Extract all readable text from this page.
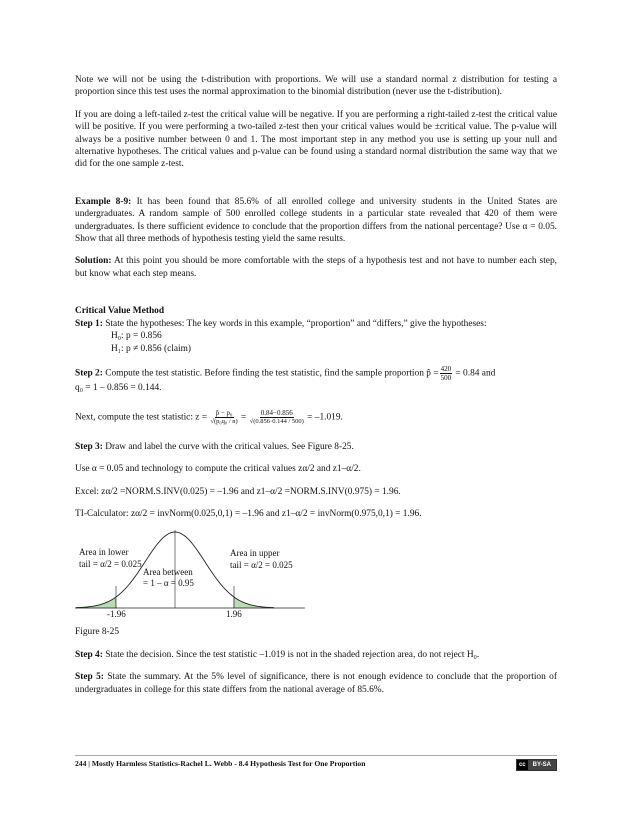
Note we will not be using the t-distribution with proportions. We will use a standard normal z distribution for testing a proportion since this test uses the normal approximation to the binomial distribution (never use the t-distribution).

If you are doing a left-tailed z-test the critical value will be negative. If you are performing a right-tailed z-test the critical value will be positive. If you were performing a two-tailed z-test then your critical values would be ±critical value. The p-value will always be a positive number between 0 and 1. The most important step in any method you use is setting up your null and alternative hypotheses. The critical values and p-value can be found using a standard normal distribution the same way that we did for the one sample z-test.

Example 8-9: It has been found that 85.6% of all enrolled college and university students in the United States are undergraduates. A random sample of 500 enrolled college students in a particular state revealed that 420 of them were undergraduates. Is there sufficient evidence to conclude that the proportion differs from the national percentage? Use α = 0.05. Show that all three methods of hypothesis testing yield the same results.

Solution: At this point you should be more comfortable with the steps of a hypothesis test and not have to number each step, but know what each step means.

Critical Value Method

Step 1: State the hypotheses: The key words in this example, “proportion” and “differs,” give the hypotheses:

H₀: p = 0.856
H₁: p ≠ 0.856 (claim)

Step 2: Compute the test statistic. Before finding the test statistic, find the sample proportion p̂ = $\frac{420}{500} = 0.84$ and

q₀ = 1 – 0.856 = 0.144.

Next, compute the test statistic: $z = \frac{\text{p̂ − p₀}}{\text{√(p₀q₀ / n)}} = \frac{0.84-0.856}{√(0.856\cdot 0.144 / 500)} = -1.019$.

Step 3: Draw and label the curve with the critical values. See Figure 8-25.

Use α = 0.05 and technology to compute the critical values zα/2 and z1–α/2.

Excel: zα/2 =NORM.S.INV(0.025) = –1.96 and z1–α/2 =NORM.S.INV(0.975) = 1.96.

TI-Calculator: zα/2 = invNorm(0.025,0,1) = –1.96 and z1–α/2 = invNorm(0.975,0,1) = 1.96.

Area in lower
tail = α/2 = 0.025
Area between
= 1 – α = 0.95
Area in upper
tail = α/2 = 0.025
-1.96	1.96
Figure 8-25

Step 4: State the decision. Since the test statistic –1.019 is not in the shaded rejection area, do not reject H₀.

Step 5: State the summary. At the 5% level of significance, there is not enough evidence to conclude that the proportion of undergraduates in college for this state differs from the national average of 85.6%.

244 | Mostly Harmless Statistics-Rachel L. Webb - 8.4 Hypothesis Test for One Proportion	cc	BY-SA
